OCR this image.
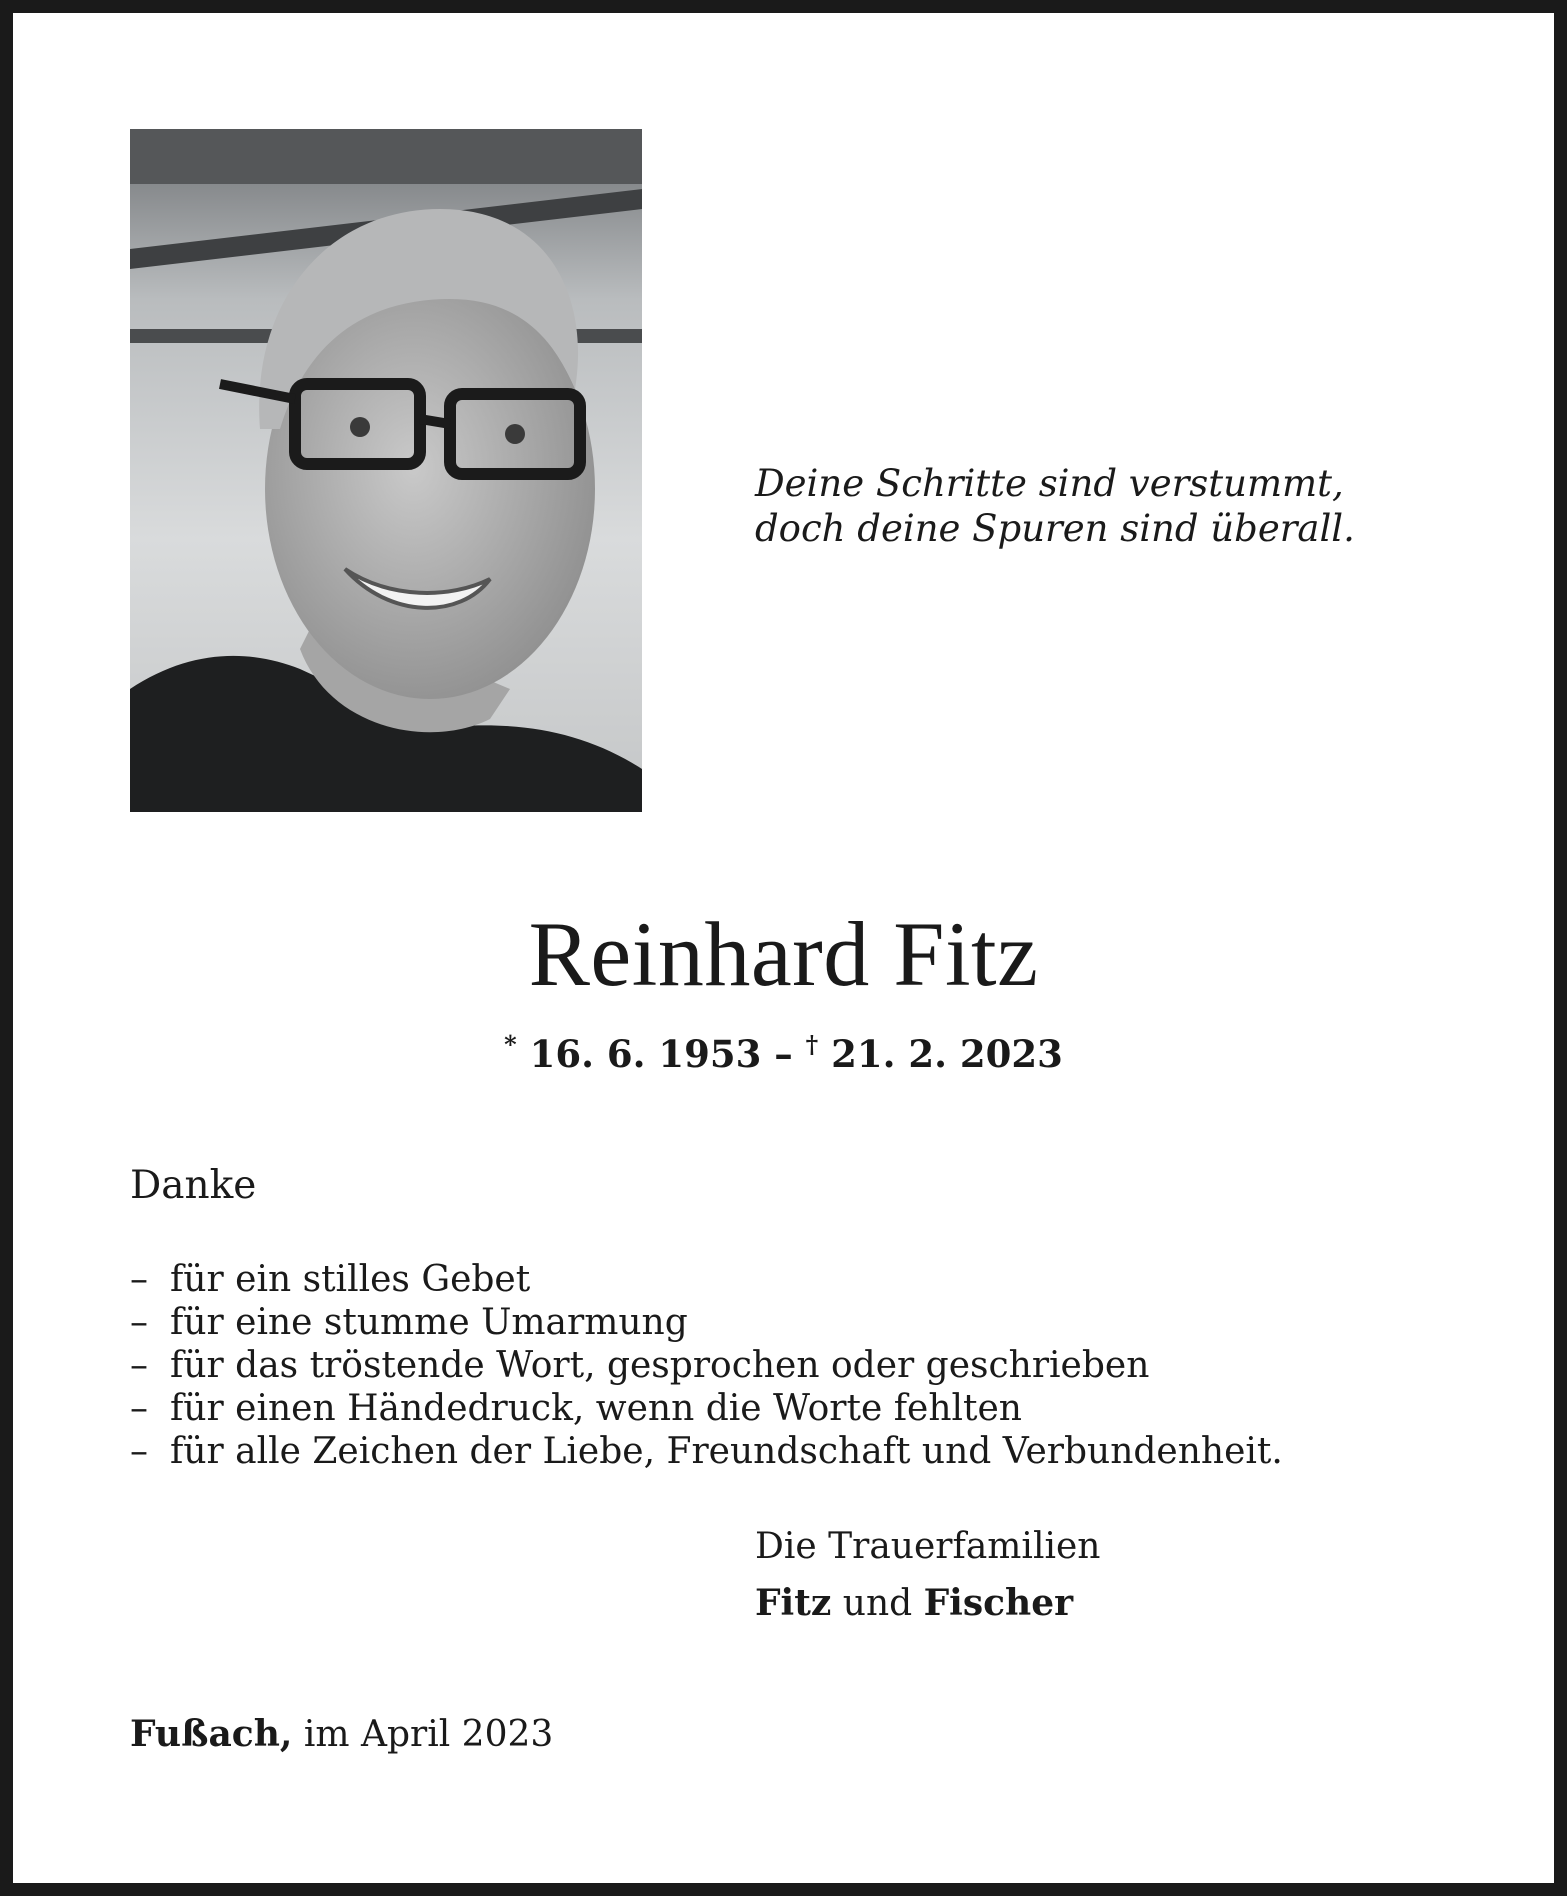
Deine Schritte sind verstummt,
doch deine Spuren sind überall.
Reinhard Fitz
* 16. 6. 1953 – † 21. 2. 2023
Danke
– für ein stilles Gebet
– für eine stumme Umarmung
– für das tröstende Wort, gesprochen oder geschrieben
– für einen Händedruck, wenn die Worte fehlten
– für alle Zeichen der Liebe, Freundschaft und Verbundenheit.
Die Trauerfamilien
Fitz und Fischer
Fußach, im April 2023
